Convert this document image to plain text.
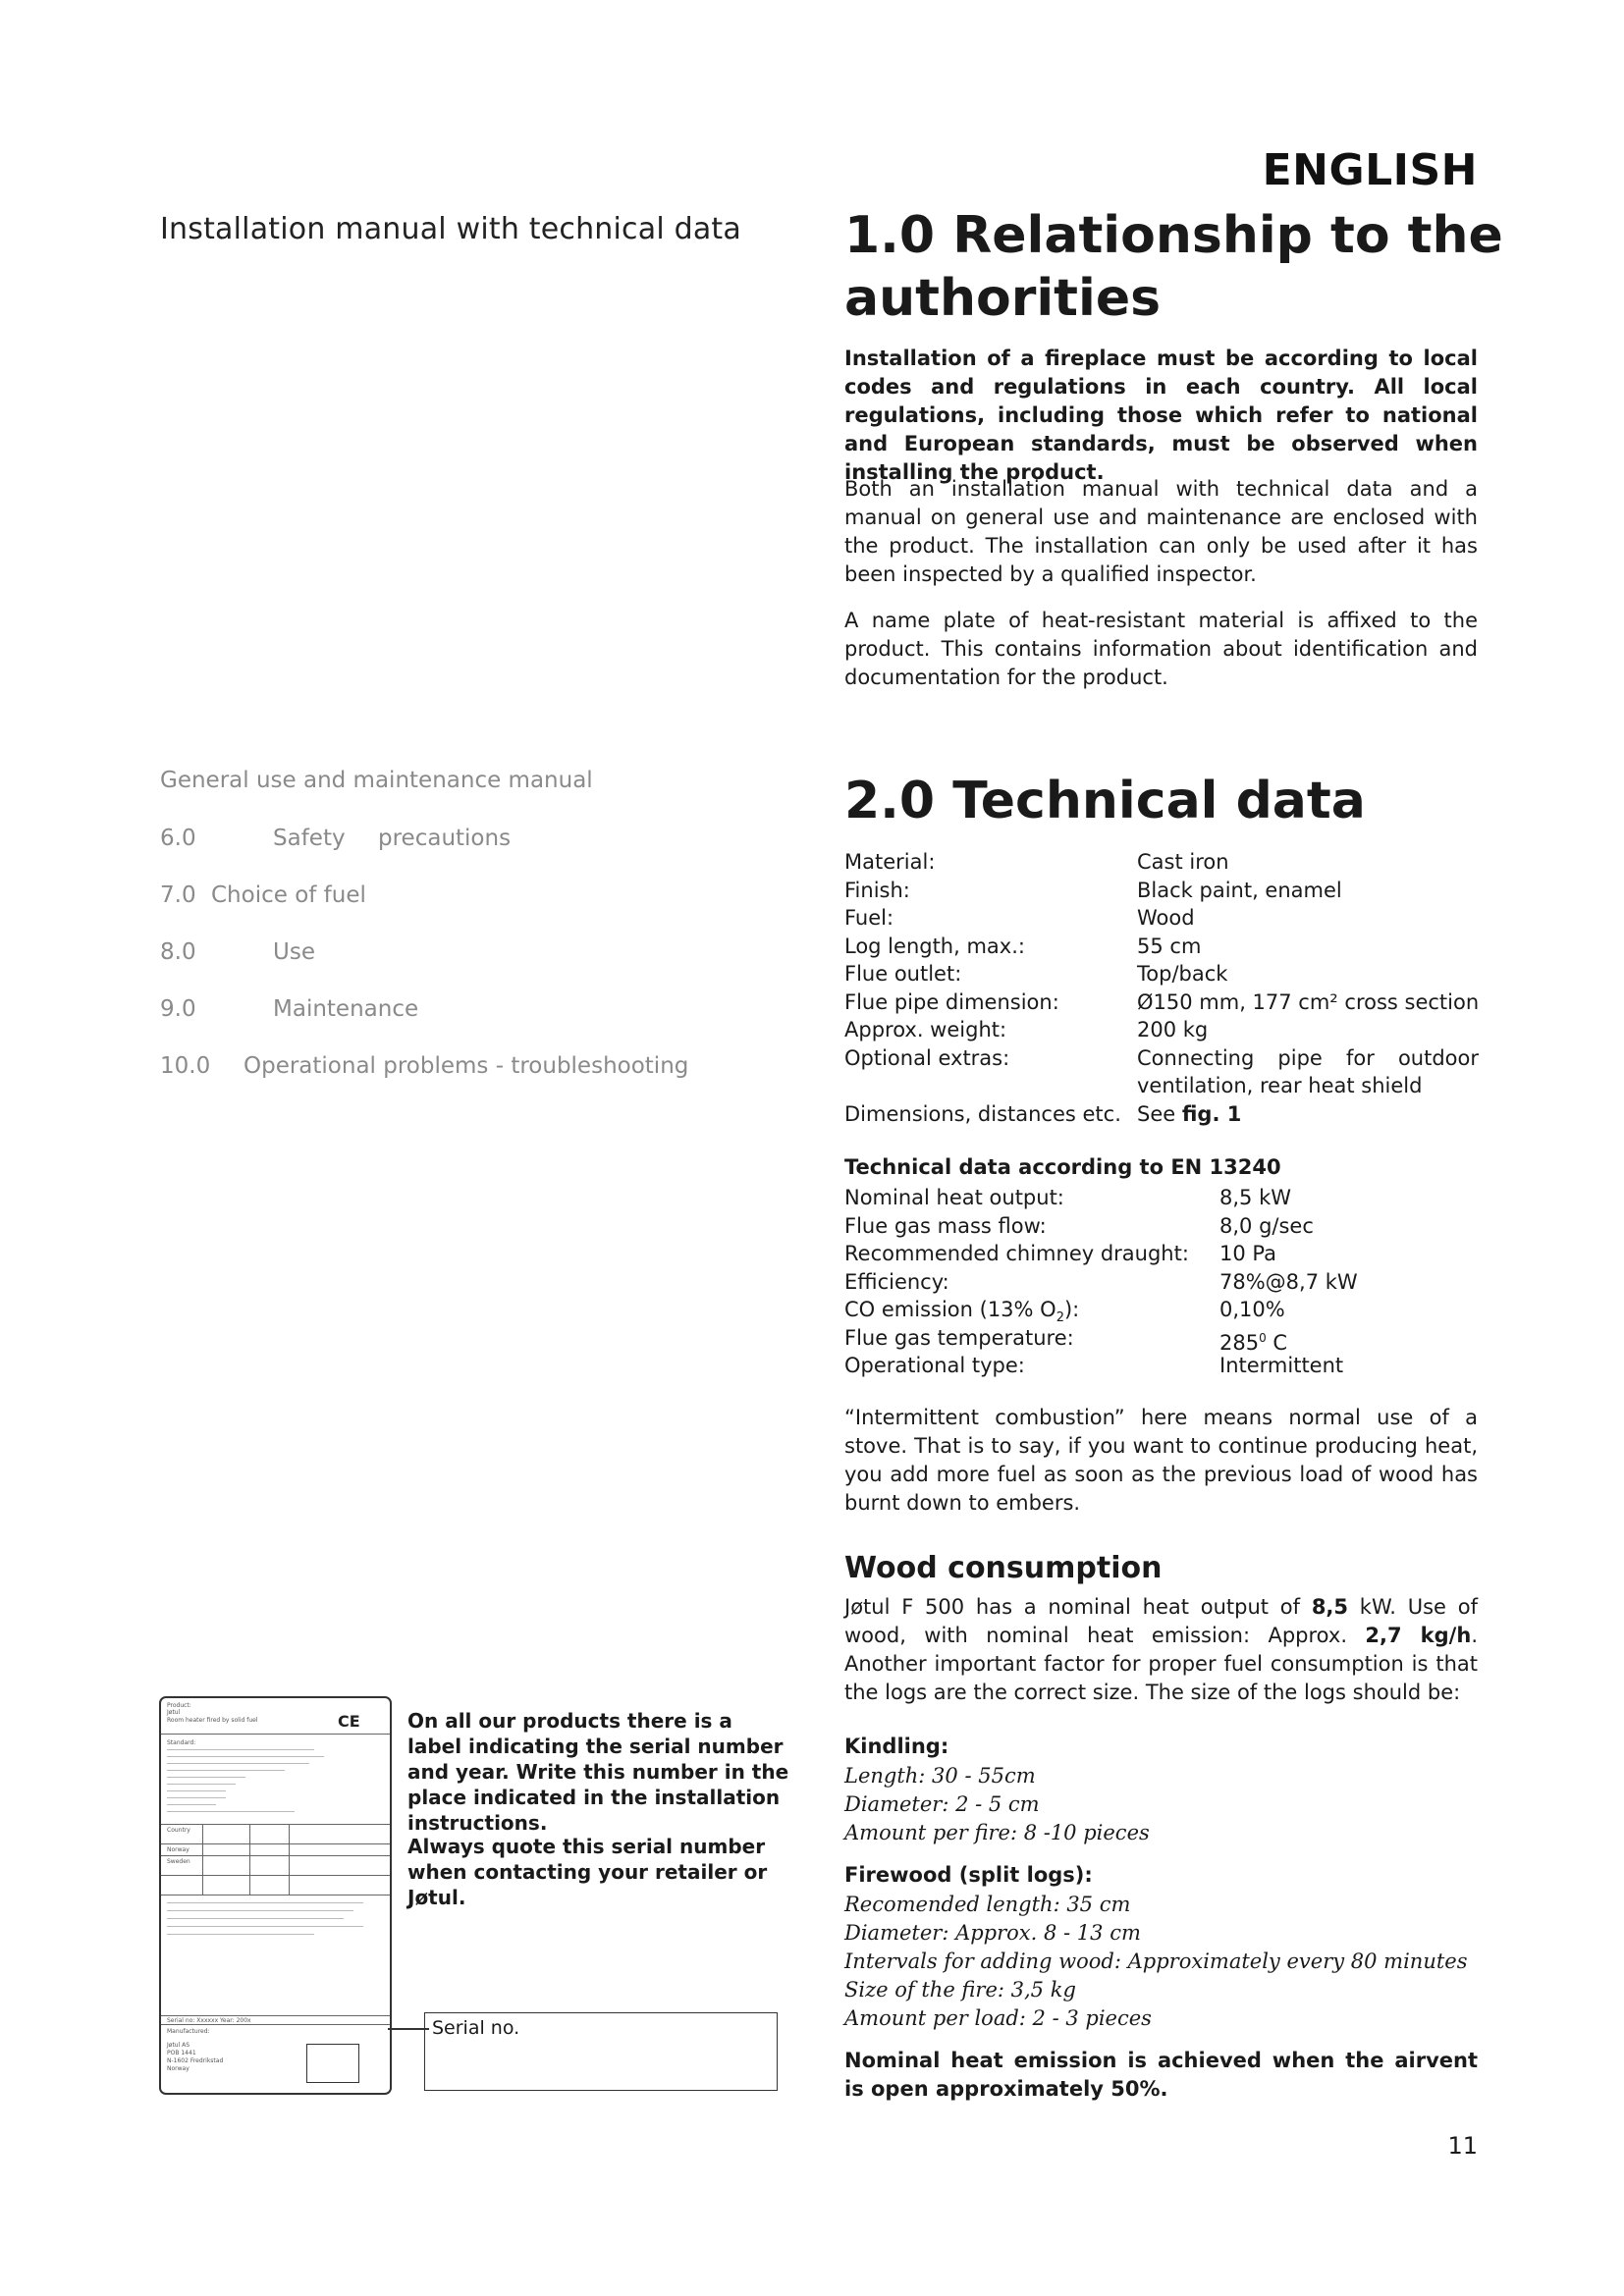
Installation manual with technical data
General use and maintenance manual
6.0	Safety precautions
7.0 Choice of fuel
8.0	Use
9.0	Maintenance
10.0 Operational problems - troubleshooting
ENGLISH
1.0 Relationship to the
authorities
Installation of a fireplace must be according to local codes and regulations in each country. All local regulations, including those which refer to national and European standards, must be observed when installing the product.
Both an installation manual with technical data and a manual on general use and maintenance are enclosed with the product. The installation can only be used after it has been inspected by a qualified inspector.
A name plate of heat-resistant material is affixed to the product. This contains information about identification and documentation for the product.
2.0 Technical data
Material:	Cast iron
Finish:	Black paint, enamel
Fuel:	Wood
Log length, max.:	55 cm
Flue outlet:	Top/back
Flue pipe dimension:	Ø150 mm, 177 cm² cross section
Approx. weight:	200 kg
Optional extras:	Connecting pipe for outdoor ventilation, rear heat shield
Dimensions, distances etc. See fig. 1
Technical data according to EN 13240
Nominal heat output:	8,5 kW
Flue gas mass flow:	8,0 g/sec
Recommended chimney draught: 10 Pa
Efficiency:	78%@8,7 kW
CO emission (13% $O_2$):	0,10%
Flue gas temperature:	$285^0$ C
Operational type:	Intermittent
“Intermittent combustion” here means normal use of a stove. That is to say, if you want to continue producing heat, you add more fuel as soon as the previous load of wood has burnt down to embers.
Wood consumption
Jøtul F 500 has a nominal heat output of 8,5 kW. Use of wood, with nominal heat emission: Approx. 2,7 kg/h. Another important factor for proper fuel consumption is that the logs are the correct size. The size of the logs should be:
Kindling:
Length: 30 - 55cm
Diameter: 2 - 5 cm
Amount per fire: 8 -10 pieces
Firewood (split logs):
Recomended length: 35 cm
Diameter: Approx. 8 - 13 cm
Intervals for adding wood: Approximately every 80 minutes
Size of the fire: 3,5 kg
Amount per load: 2 - 3 pieces
Nominal heat emission is achieved when the airvent is open approximately 50%.
11
Product:
Jøtul
Room heater fired by solid fuel	CE
Standard:
Country
Norway
Sweden
Serial no: Xxxxxx Year: 200x
Manufactured:
Jøtul AS
POB 1441
N-1602 Fredrikstad
Norway
On all our products there is a label indicating the serial number and year. Write this number in the place indicated in the installation instructions.
Always quote this serial number when contacting your retailer or Jøtul.
Serial no.
